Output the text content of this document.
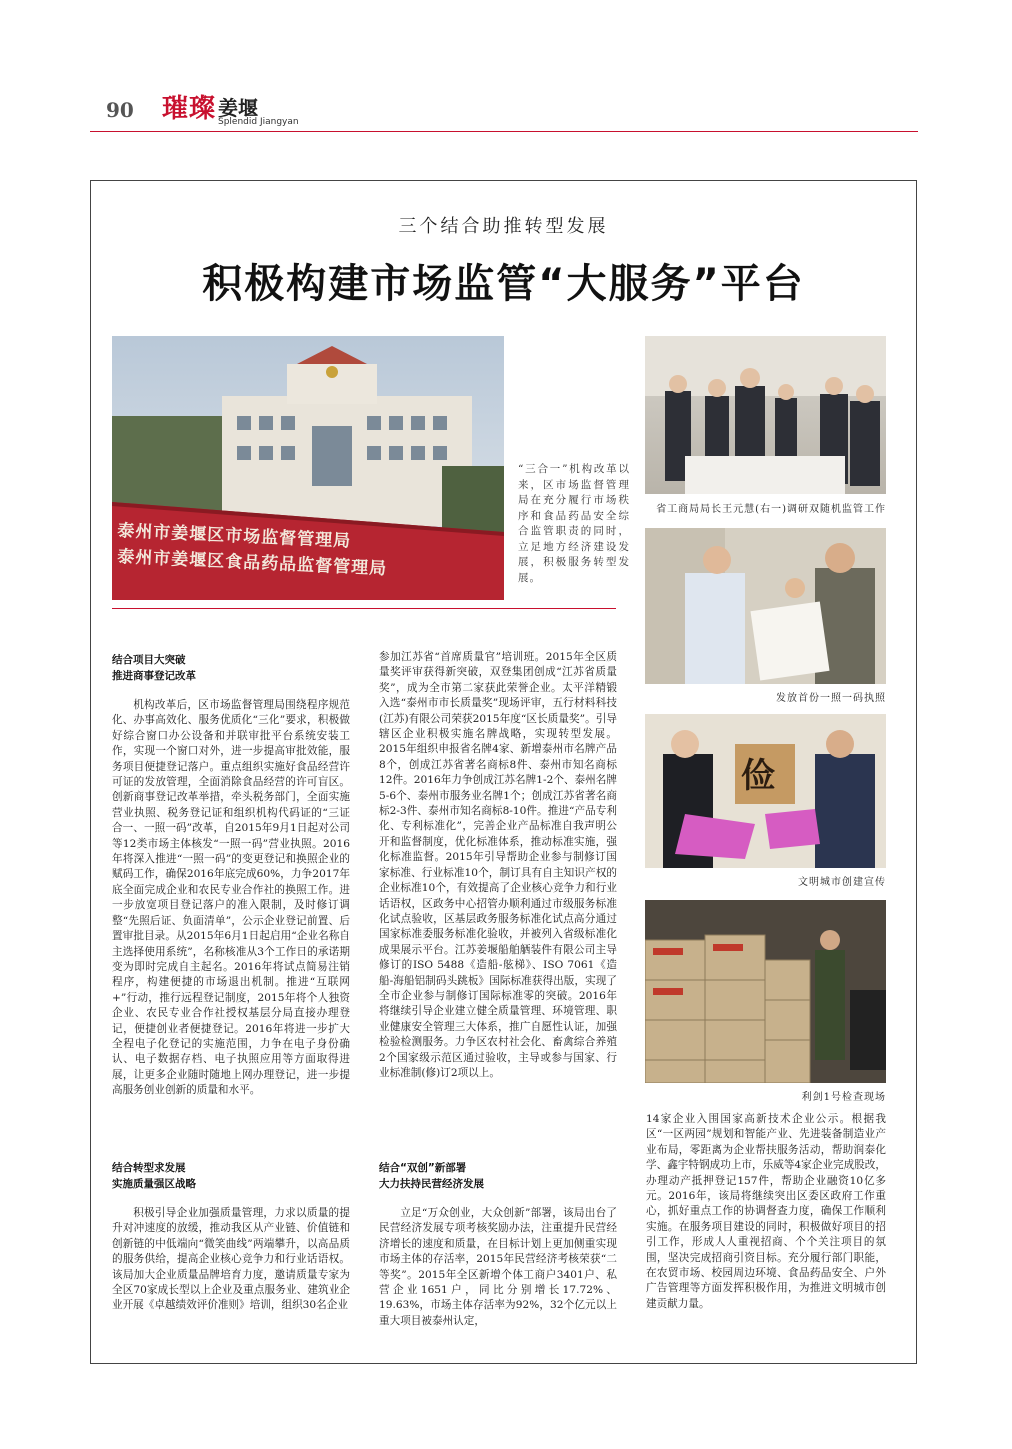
90 璀璨 姜堰
Splendid Jiangyan
三个结合助推转型发展
积极构建市场监管“大服务”平台
泰州市姜堰区市场监督管理局
泰州市姜堰区食品药品监督管理局
“三合一”机构改革以来，区市场监督管理局在充分履行市场秩序和食品药品安全综合监管职责的同时，立足地方经济建设发展，积极服务转型发展。
省工商局局长王元慧(右一)调研双随机监管工作
发放首份一照一码执照
俭
文明城市创建宣传
利剑1号检查现场
结合项目大突破
推进商事登记改革

机构改革后，区市场监督管理局围绕程序规范化、办事高效化、服务优质化“三化”要求，积极做好综合窗口办公设备和并联审批平台系统安装工作，实现一个窗口对外，进一步提高审批效能，服务项目便捷登记落户。重点组织实施好食品经营许可证的发放管理，全面消除食品经营的许可盲区。创新商事登记改革举措，牵头税务部门，全面实施营业执照、税务登记证和组织机构代码证的“三证合一、一照一码”改革，自2015年9月1日起对公司等12类市场主体核发“一照一码”营业执照。2016年将深入推进“一照一码”的变更登记和换照企业的赋码工作，确保2016年底完成60%，力争2017年底全面完成企业和农民专业合作社的换照工作。进一步放宽项目登记落户的准入限制，及时修订调整“先照后证、负面清单”，公示企业登记前置、后置审批目录。从2015年6月1日起启用“企业名称自主选择使用系统”，名称核准从3个工作日的承诺期变为即时完成自主起名。2016年将试点简易注销程序，构建便捷的市场退出机制。推进“互联网+”行动，推行远程登记制度，2015年将个人独资企业、农民专业合作社授权基层分局直接办理登记，便捷创业者便捷登记。2016年将进一步扩大全程电子化登记的实施范围，力争在电子身份确认、电子数据存档、电子执照应用等方面取得进展，让更多企业随时随地上网办理登记，进一步提高服务创业创新的质量和水平。

结合转型求发展
实施质量强区战略

积极引导企业加强质量管理，力求以质量的提升对冲速度的放缓，推动我区从产业链、价值链和创新链的中低端向“微笑曲线”两端攀升，以高品质的服务供给，提高企业核心竞争力和行业话语权。该局加大企业质量品牌培育力度，邀请质量专家为全区70家成长型以上企业及重点服务业、建筑业企业开展《卓越绩效评价准则》培训，组织30名企业

参加江苏省“首席质量官”培训班。2015年全区质量奖评审获得新突破，双登集团创成“江苏省质量奖”，成为全市第二家获此荣誉企业。太平洋精锻入选“泰州市市长质量奖”现场评审，五行材料科技(江苏)有限公司荣获2015年度“区长质量奖”。引导辖区企业积极实施名牌战略，实现转型发展。2015年组织申报省名牌4家、新增泰州市名牌产品8个，创成江苏省著名商标8件、泰州市知名商标12件。2016年力争创成江苏名牌1-2个、泰州名牌5-6个、泰州市服务业名牌1个；创成江苏省著名商标2-3件、泰州市知名商标8-10件。推进“产品专利化、专利标准化”，完善企业产品标准自我声明公开和监督制度，优化标准体系，推动标准实施，强化标准监督。2015年引导帮助企业参与制修订国家标准、行业标准10个，制订具有自主知识产权的企业标准10个，有效提高了企业核心竞争力和行业话语权，区政务中心招管办顺利通过市级服务标准化试点验收，区基层政务服务标准化试点高分通过国家标准委服务标准化验收，并被列入省级标准化成果展示平台。江苏姜堰船舶舾装件有限公司主导修订的ISO 5488《造船-舷梯》、ISO 7061《造船-海船铝制码头跳板》国际标准获得出版，实现了全市企业参与制修订国际标准零的突破。2016年将继续引导企业建立健全质量管理、环境管理、职业健康安全管理三大体系，推广自愿性认证，加强检验检测服务。力争区农村社会化、畜禽综合养殖2个国家级示范区通过验收，主导或参与国家、行业标准制(修)订2项以上。

结合“双创”新部署
大力扶持民营经济发展

立足“万众创业，大众创新”部署，该局出台了民营经济发展专项考核奖励办法，注重提升民营经济增长的速度和质量，在目标计划上更加侧重实现市场主体的存活率，2015年民营经济考核荣获“二等奖”。2015年全区新增个体工商户3401户、私营企业1651户，同比分别增长17.72%、19.63%，市场主体存活率为92%，32个亿元以上重大项目被泰州认定，

14家企业入围国家高新技术企业公示。根据我区“一区两园”规划和智能产业、先进装备制造业产业布局，零距离为企业帮扶服务活动，帮助润泰化学、鑫宇特钢成功上市，乐威等4家企业完成股改，办理动产抵押登记157件，帮助企业融资10亿多元。2016年，该局将继续突出区委区政府工作重心，抓好重点工作的协调督查力度，确保工作顺利实施。在服务项目建设的同时，积极做好项目的招引工作，形成人人重视招商、个个关注项目的氛围，坚决完成招商引资目标。充分履行部门职能，在农贸市场、校园周边环境、食品药品安全、户外广告管理等方面发挥积极作用，为推进文明城市创建贡献力量。
